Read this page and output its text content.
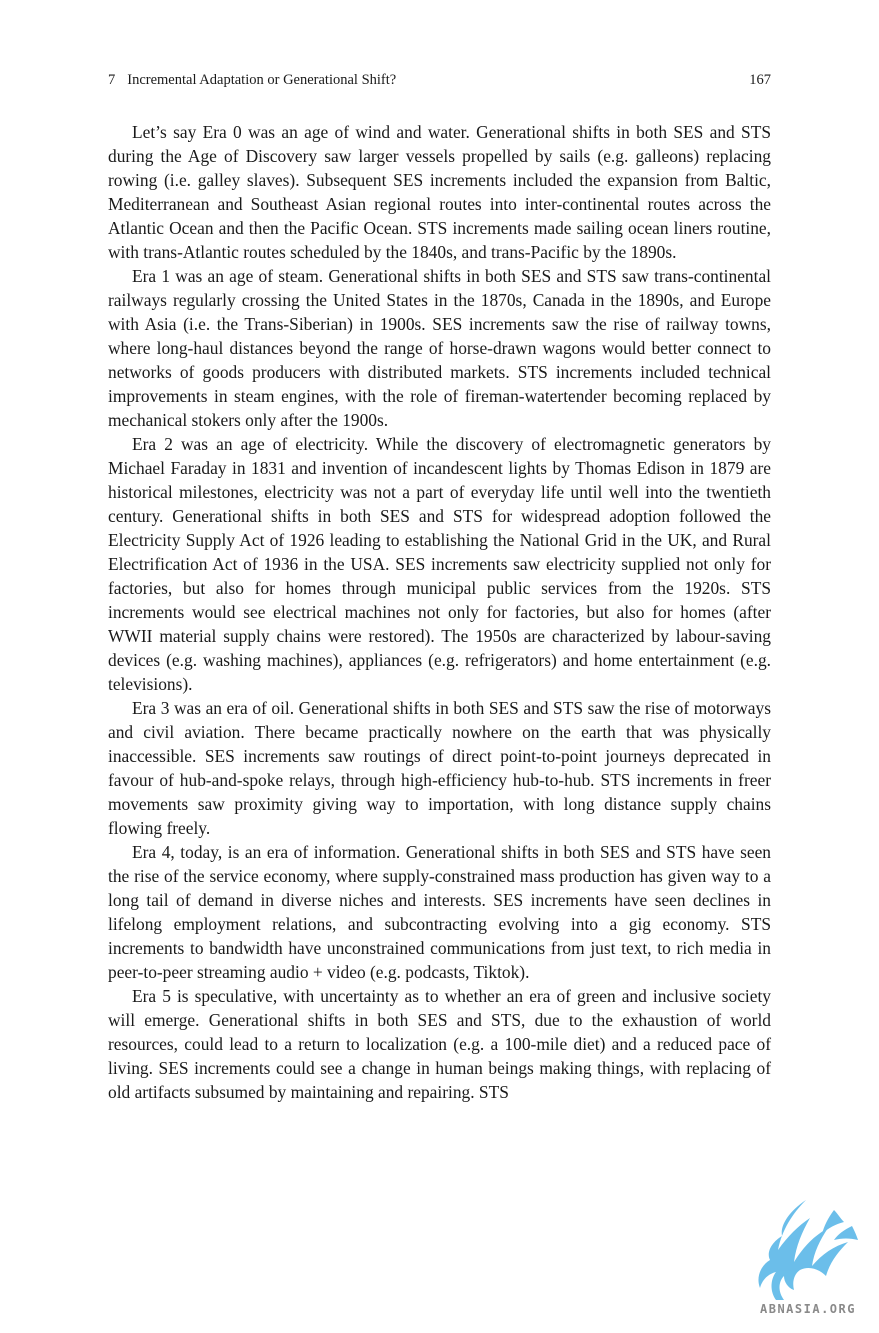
7 Incremental Adaptation or Generational Shift?	167

Let’s say Era 0 was an age of wind and water. Generational shifts in both SES and STS during the Age of Discovery saw larger vessels propelled by sails (e.g. galleons) replacing rowing (i.e. galley slaves). Subsequent SES increments included the expansion from Baltic, Mediterranean and Southeast Asian regional routes into inter-continental routes across the Atlantic Ocean and then the Pacific Ocean. STS increments made sailing ocean liners routine, with trans-Atlantic routes scheduled by the 1840s, and trans-Pacific by the 1890s.

Era 1 was an age of steam. Generational shifts in both SES and STS saw trans-continental railways regularly crossing the United States in the 1870s, Canada in the 1890s, and Europe with Asia (i.e. the Trans-Siberian) in 1900s. SES increments saw the rise of railway towns, where long-haul distances beyond the range of horse-drawn wagons would better connect to networks of goods producers with distributed markets. STS increments included technical improvements in steam engines, with the role of fireman-watertender becoming replaced by mechanical stokers only after the 1900s.

Era 2 was an age of electricity. While the discovery of electromagnetic generators by Michael Faraday in 1831 and invention of incandescent lights by Thomas Edison in 1879 are historical milestones, electricity was not a part of everyday life until well into the twentieth century. Generational shifts in both SES and STS for widespread adoption followed the Electricity Supply Act of 1926 leading to establishing the National Grid in the UK, and Rural Electrification Act of 1936 in the USA. SES increments saw electricity supplied not only for factories, but also for homes through municipal public services from the 1920s. STS increments would see electrical machines not only for factories, but also for homes (after WWII material supply chains were restored). The 1950s are characterized by labour-saving devices (e.g. washing machines), appliances (e.g. refrigerators) and home entertainment (e.g. televisions).

Era 3 was an era of oil. Generational shifts in both SES and STS saw the rise of motorways and civil aviation. There became practically nowhere on the earth that was physically inaccessible. SES increments saw routings of direct point-to-point journeys deprecated in favour of hub-and-spoke relays, through high-efficiency hub-to-hub. STS increments in freer movements saw proximity giving way to importation, with long distance supply chains flowing freely.

Era 4, today, is an era of information. Generational shifts in both SES and STS have seen the rise of the service economy, where supply-constrained mass production has given way to a long tail of demand in diverse niches and interests. SES increments have seen declines in lifelong employment relations, and subcontracting evolving into a gig economy. STS increments to bandwidth have unconstrained communications from just text, to rich media in peer-to-peer streaming audio + video (e.g. podcasts, Tiktok).

Era 5 is speculative, with uncertainty as to whether an era of green and inclusive society will emerge. Generational shifts in both SES and STS, due to the exhaustion of world resources, could lead to a return to localization (e.g. a 100-mile diet) and a reduced pace of living. SES increments could see a change in human beings making things, with replacing of old artifacts subsumed by maintaining and repairing. STS

ABNASIA.ORG
